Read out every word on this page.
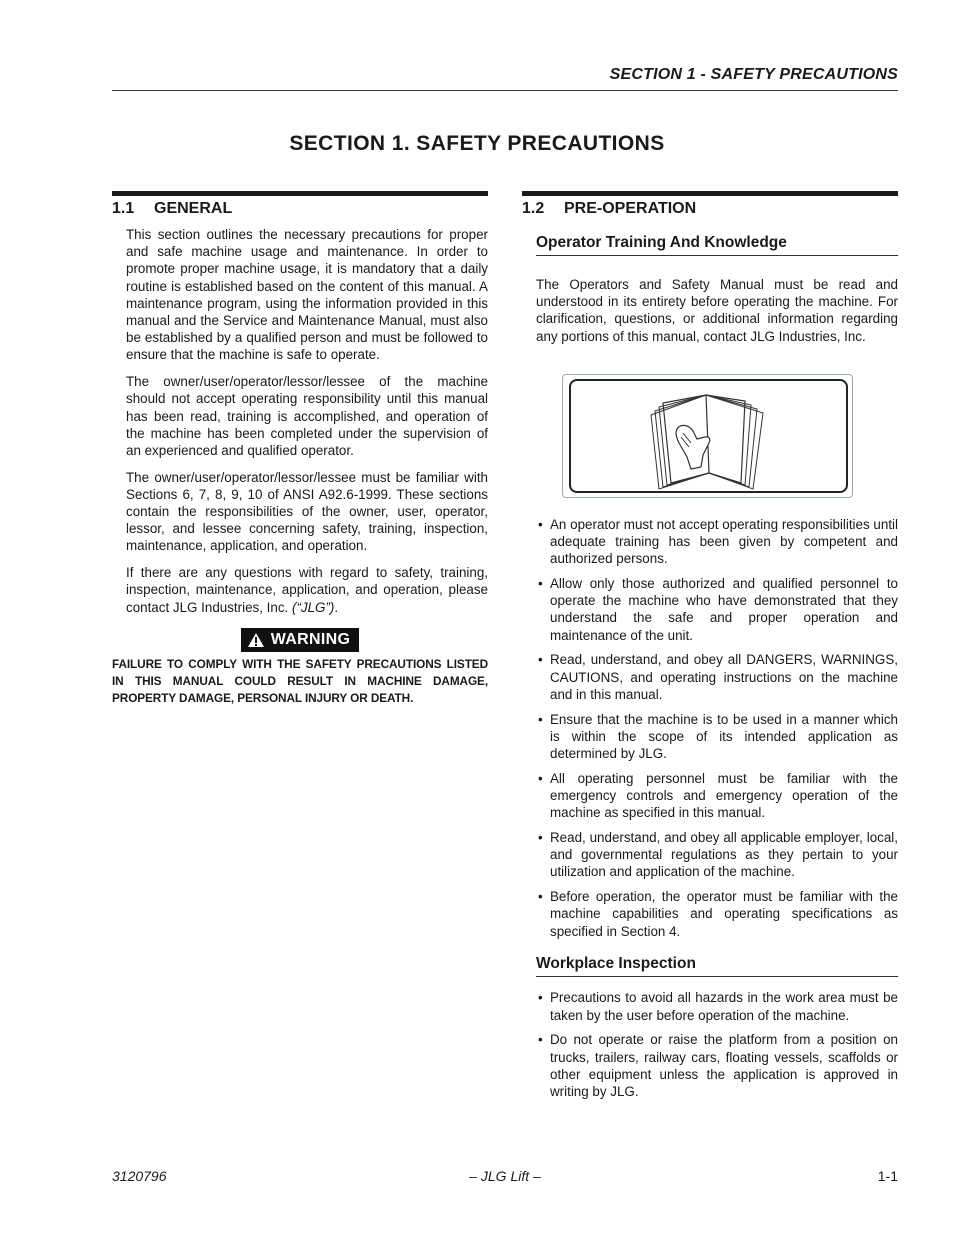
SECTION 1 - SAFETY PRECAUTIONS
SECTION 1. SAFETY PRECAUTIONS
1.1	GENERAL

This section outlines the necessary precautions for proper and safe machine usage and maintenance. In order to promote proper machine usage, it is mandatory that a daily routine is established based on the content of this manual. A maintenance program, using the information provided in this manual and the Service and Maintenance Manual, must also be established by a qualified person and must be followed to ensure that the machine is safe to operate.

The owner/user/operator/lessor/lessee of the machine should not accept operating responsibility until this manual has been read, training is accomplished, and operation of the machine has been completed under the supervision of an experienced and qualified operator.

The owner/user/operator/lessor/lessee must be familiar with Sections 6, 7, 8, 9, 10 of ANSI A92.6-1999. These sections contain the responsibilities of the owner, user, operator, lessor, and lessee concerning safety, training, inspection, maintenance, application, and operation.

If there are any questions with regard to safety, training, inspection, maintenance, application, and operation, please contact JLG Industries, Inc. (“JLG”).

WARNING
FAILURE TO COMPLY WITH THE SAFETY PRECAUTIONS LISTED IN THIS MANUAL COULD RESULT IN MACHINE DAMAGE, PROPERTY DAMAGE, PERSONAL INJURY OR DEATH.
1.2	PRE-OPERATION
Operator Training And Knowledge

The Operators and Safety Manual must be read and understood in its entirety before operating the machine. For clarification, questions, or additional information regarding any portions of this manual, contact JLG Industries, Inc.

• An operator must not accept operating responsibilities until adequate training has been given by competent and authorized persons.
• Allow only those authorized and qualified personnel to operate the machine who have demonstrated that they understand the safe and proper operation and maintenance of the unit.
• Read, understand, and obey all DANGERS, WARNINGS, CAUTIONS, and operating instructions on the machine and in this manual.
• Ensure that the machine is to be used in a manner which is within the scope of its intended application as determined by JLG.
• All operating personnel must be familiar with the emergency controls and emergency operation of the machine as specified in this manual.
• Read, understand, and obey all applicable employer, local, and governmental regulations as they pertain to your utilization and application of the machine.
• Before operation, the operator must be familiar with the machine capabilities and operating specifications as specified in Section 4.
Workplace Inspection
• Precautions to avoid all hazards in the work area must be taken by the user before operation of the machine.
• Do not operate or raise the platform from a position on trucks, trailers, railway cars, floating vessels, scaffolds or other equipment unless the application is approved in writing by JLG.
3120796	– JLG Lift –	1-1
